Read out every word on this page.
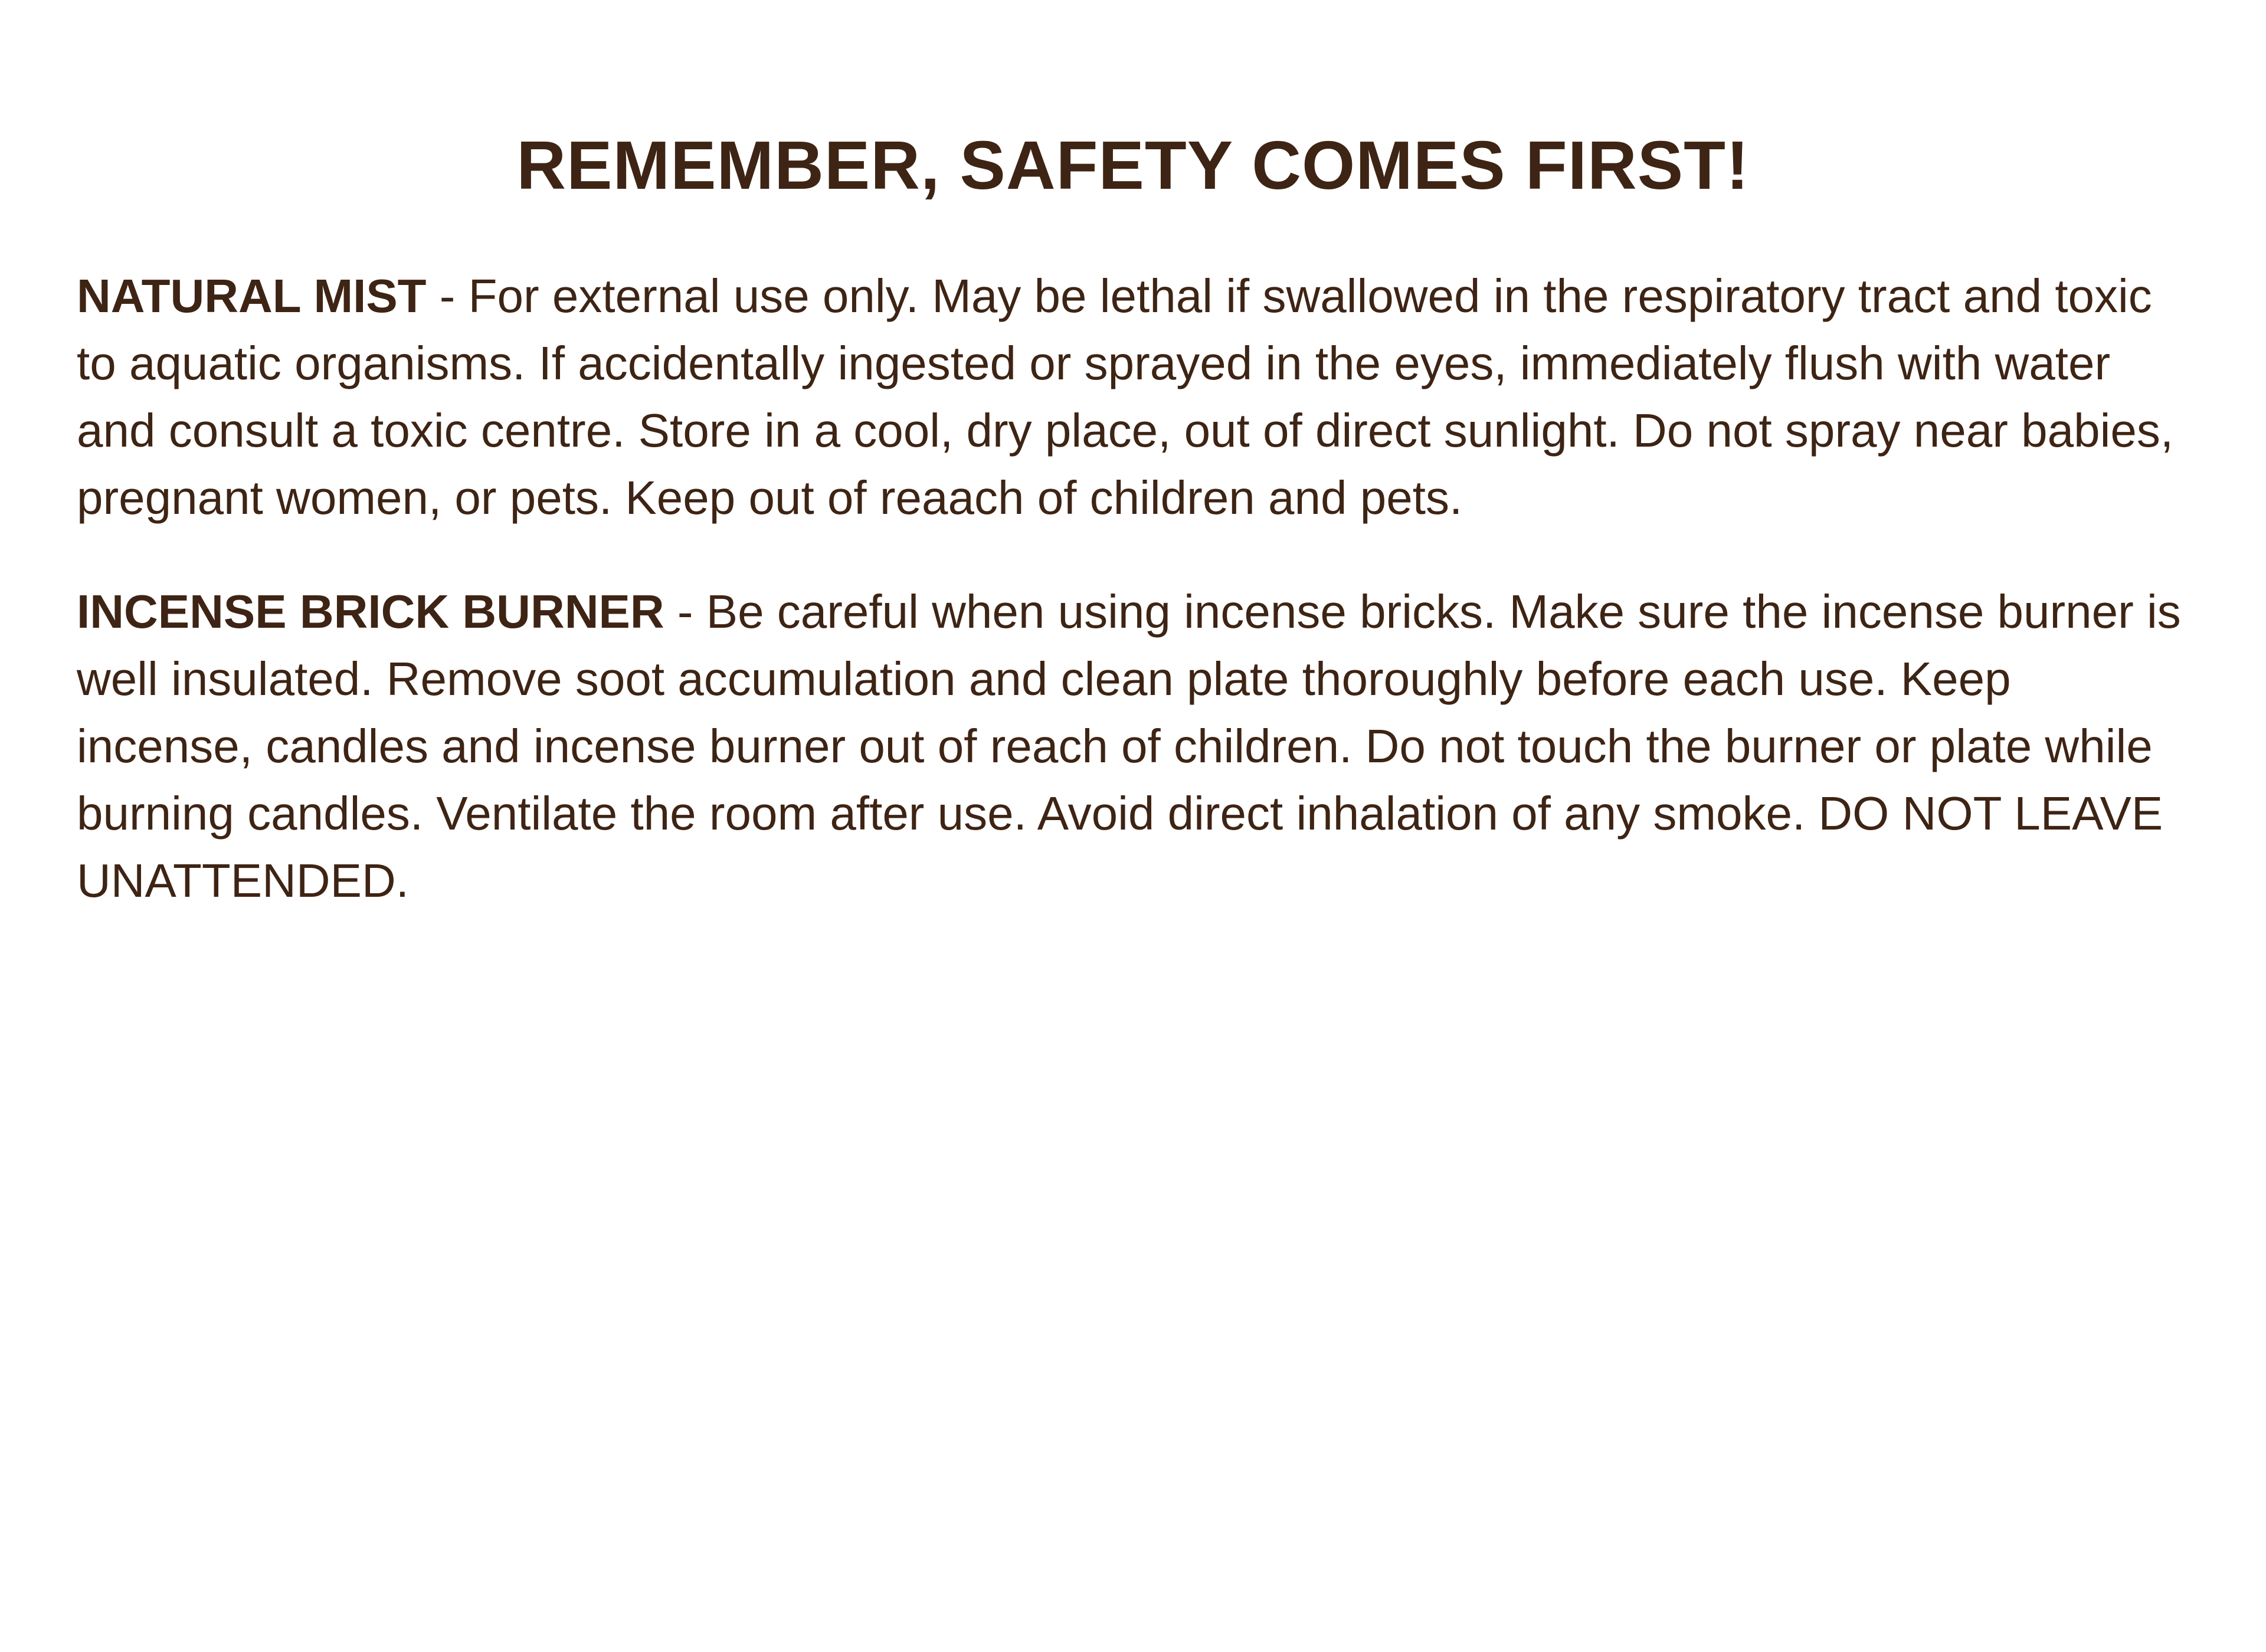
REMEMBER, SAFETY COMES FIRST!

NATURAL MIST - For external use only. May be lethal if swallowed in the respiratory tract and toxic to aquatic organisms. If accidentally ingested or sprayed in the eyes, immediately flush with water and consult a toxic centre. Store in a cool, dry place, out of direct sunlight. Do not spray near babies, pregnant women, or pets. Keep out of reaach of children and pets.

INCENSE BRICK BURNER - Be careful when using incense bricks. Make sure the incense burner is well insulated. Remove soot accumulation and clean plate thoroughly before each use. Keep incense, candles and incense burner out of reach of children. Do not touch the burner or plate while burning candles. Ventilate the room after use. Avoid direct inhalation of any smoke. DO NOT LEAVE UNATTENDED.
